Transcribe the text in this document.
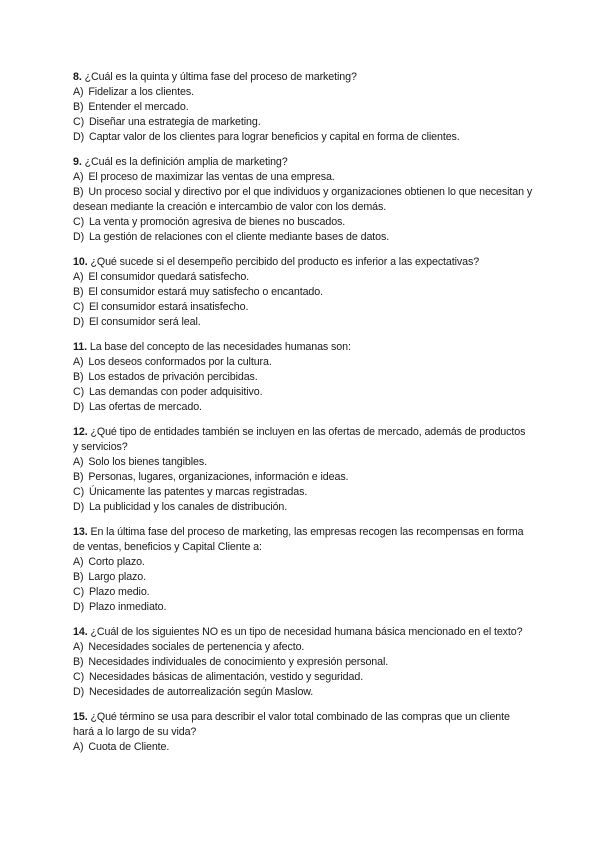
8. ¿Cuál es la quinta y última fase del proceso de marketing?
A) Fidelizar a los clientes.
B) Entender el mercado.
C) Diseñar una estrategia de marketing.
D) Captar valor de los clientes para lograr beneficios y capital en forma de clientes.
9. ¿Cuál es la definición amplia de marketing?
A) El proceso de maximizar las ventas de una empresa.
B) Un proceso social y directivo por el que individuos y organizaciones obtienen lo que necesitan y desean mediante la creación e intercambio de valor con los demás.
C) La venta y promoción agresiva de bienes no buscados.
D) La gestión de relaciones con el cliente mediante bases de datos.
10. ¿Qué sucede si el desempeño percibido del producto es inferior a las expectativas?
A) El consumidor quedará satisfecho.
B) El consumidor estará muy satisfecho o encantado.
C) El consumidor estará insatisfecho.
D) El consumidor será leal.
11. La base del concepto de las necesidades humanas son:
A) Los deseos conformados por la cultura.
B) Los estados de privación percibidas.
C) Las demandas con poder adquisitivo.
D) Las ofertas de mercado.
12. ¿Qué tipo de entidades también se incluyen en las ofertas de mercado, además de productos y servicios?
A) Solo los bienes tangibles.
B) Personas, lugares, organizaciones, información e ideas.
C) Únicamente las patentes y marcas registradas.
D) La publicidad y los canales de distribución.
13. En la última fase del proceso de marketing, las empresas recogen las recompensas en forma de ventas, beneficios y Capital Cliente a:
A) Corto plazo.
B) Largo plazo.
C) Plazo medio.
D) Plazo inmediato.
14. ¿Cuál de los siguientes NO es un tipo de necesidad humana básica mencionado en el texto?
A) Necesidades sociales de pertenencia y afecto.
B) Necesidades individuales de conocimiento y expresión personal.
C) Necesidades básicas de alimentación, vestido y seguridad.
D) Necesidades de autorrealización según Maslow.
15. ¿Qué término se usa para describir el valor total combinado de las compras que un cliente hará a lo largo de su vida?
A) Cuota de Cliente.
